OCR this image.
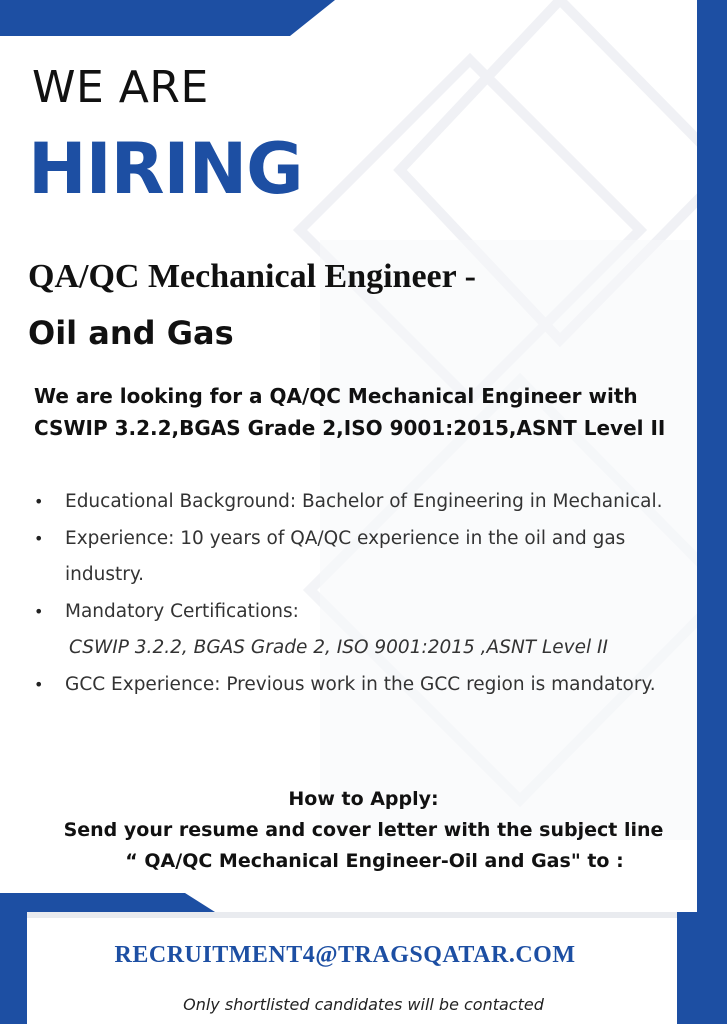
WE ARE
HIRING
QA/QC Mechanical Engineer -
Oil and Gas

We are looking for a QA/QC Mechanical Engineer with CSWIP 3.2.2,BGAS Grade 2,ISO 9001:2015,ASNT Level II

• Educational Background: Bachelor of Engineering in Mechanical.
• Experience: 10 years of QA/QC experience in the oil and gas industry.
• Mandatory Certifications:
CSWIP 3.2.2, BGAS Grade 2, ISO 9001:2015 ,ASNT Level II
• GCC Experience: Previous work in the GCC region is mandatory.
How to Apply:
Send your resume and cover letter with the subject line
“ QA/QC Mechanical Engineer-Oil and Gas" to :
RECRUITMENT4@TRAGSQATAR.COM
Only shortlisted candidates will be contacted
